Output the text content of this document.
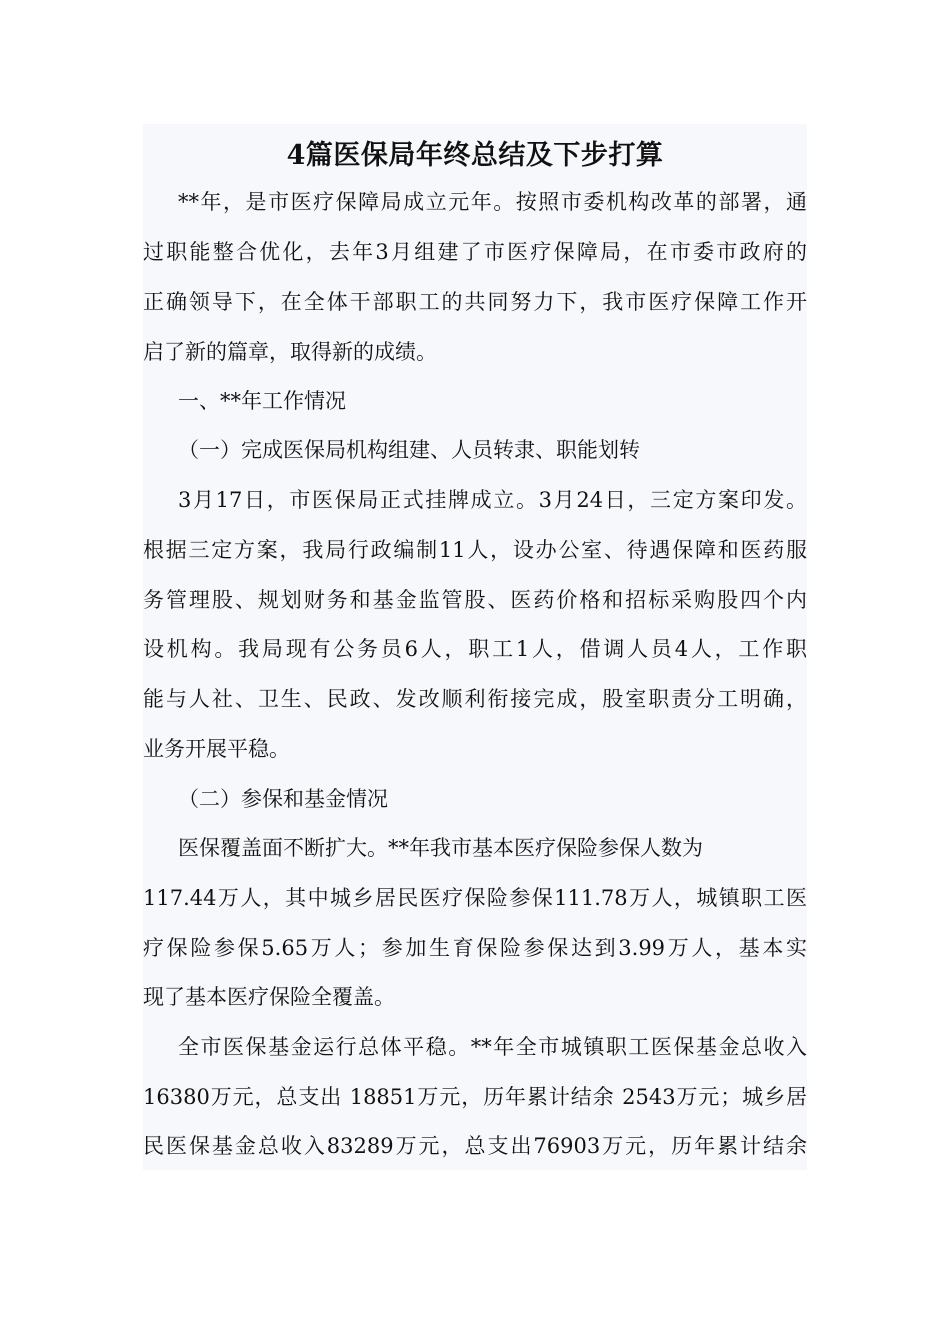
4篇医保局年终总结及下步打算
**年，是市医疗保障局成立元年。按照市委机构改革的部署，通
过职能整合优化，去年3月组建了市医疗保障局，在市委市政府的
正确领导下，在全体干部职工的共同努力下，我市医疗保障工作开
启了新的篇章，取得新的成绩。
一、**年工作情况
（一）完成医保局机构组建、人员转隶、职能划转
3月17日，市医保局正式挂牌成立。3月24日，三定方案印发。
根据三定方案，我局行政编制11人，设办公室、待遇保障和医药服
务管理股、规划财务和基金监管股、医药价格和招标采购股四个内
设机构。我局现有公务员6人，职工1人，借调人员4人，工作职
能与人社、卫生、民政、发改顺利衔接完成，股室职责分工明确，
业务开展平稳。
（二）参保和基金情况
医保覆盖面不断扩大。**年我市基本医疗保险参保人数为
117.44万人，其中城乡居民医疗保险参保111.78万人，城镇职工医
疗保险参保5.65万人；参加生育保险参保达到3.99万人，基本实
现了基本医疗保险全覆盖。
全市医保基金运行总体平稳。**年全市城镇职工医保基金总收入
16380万元，总支出 18851万元，历年累计结余 2543万元；城乡居
民医保基金总收入83289万元，总支出76903万元，历年累计结余
